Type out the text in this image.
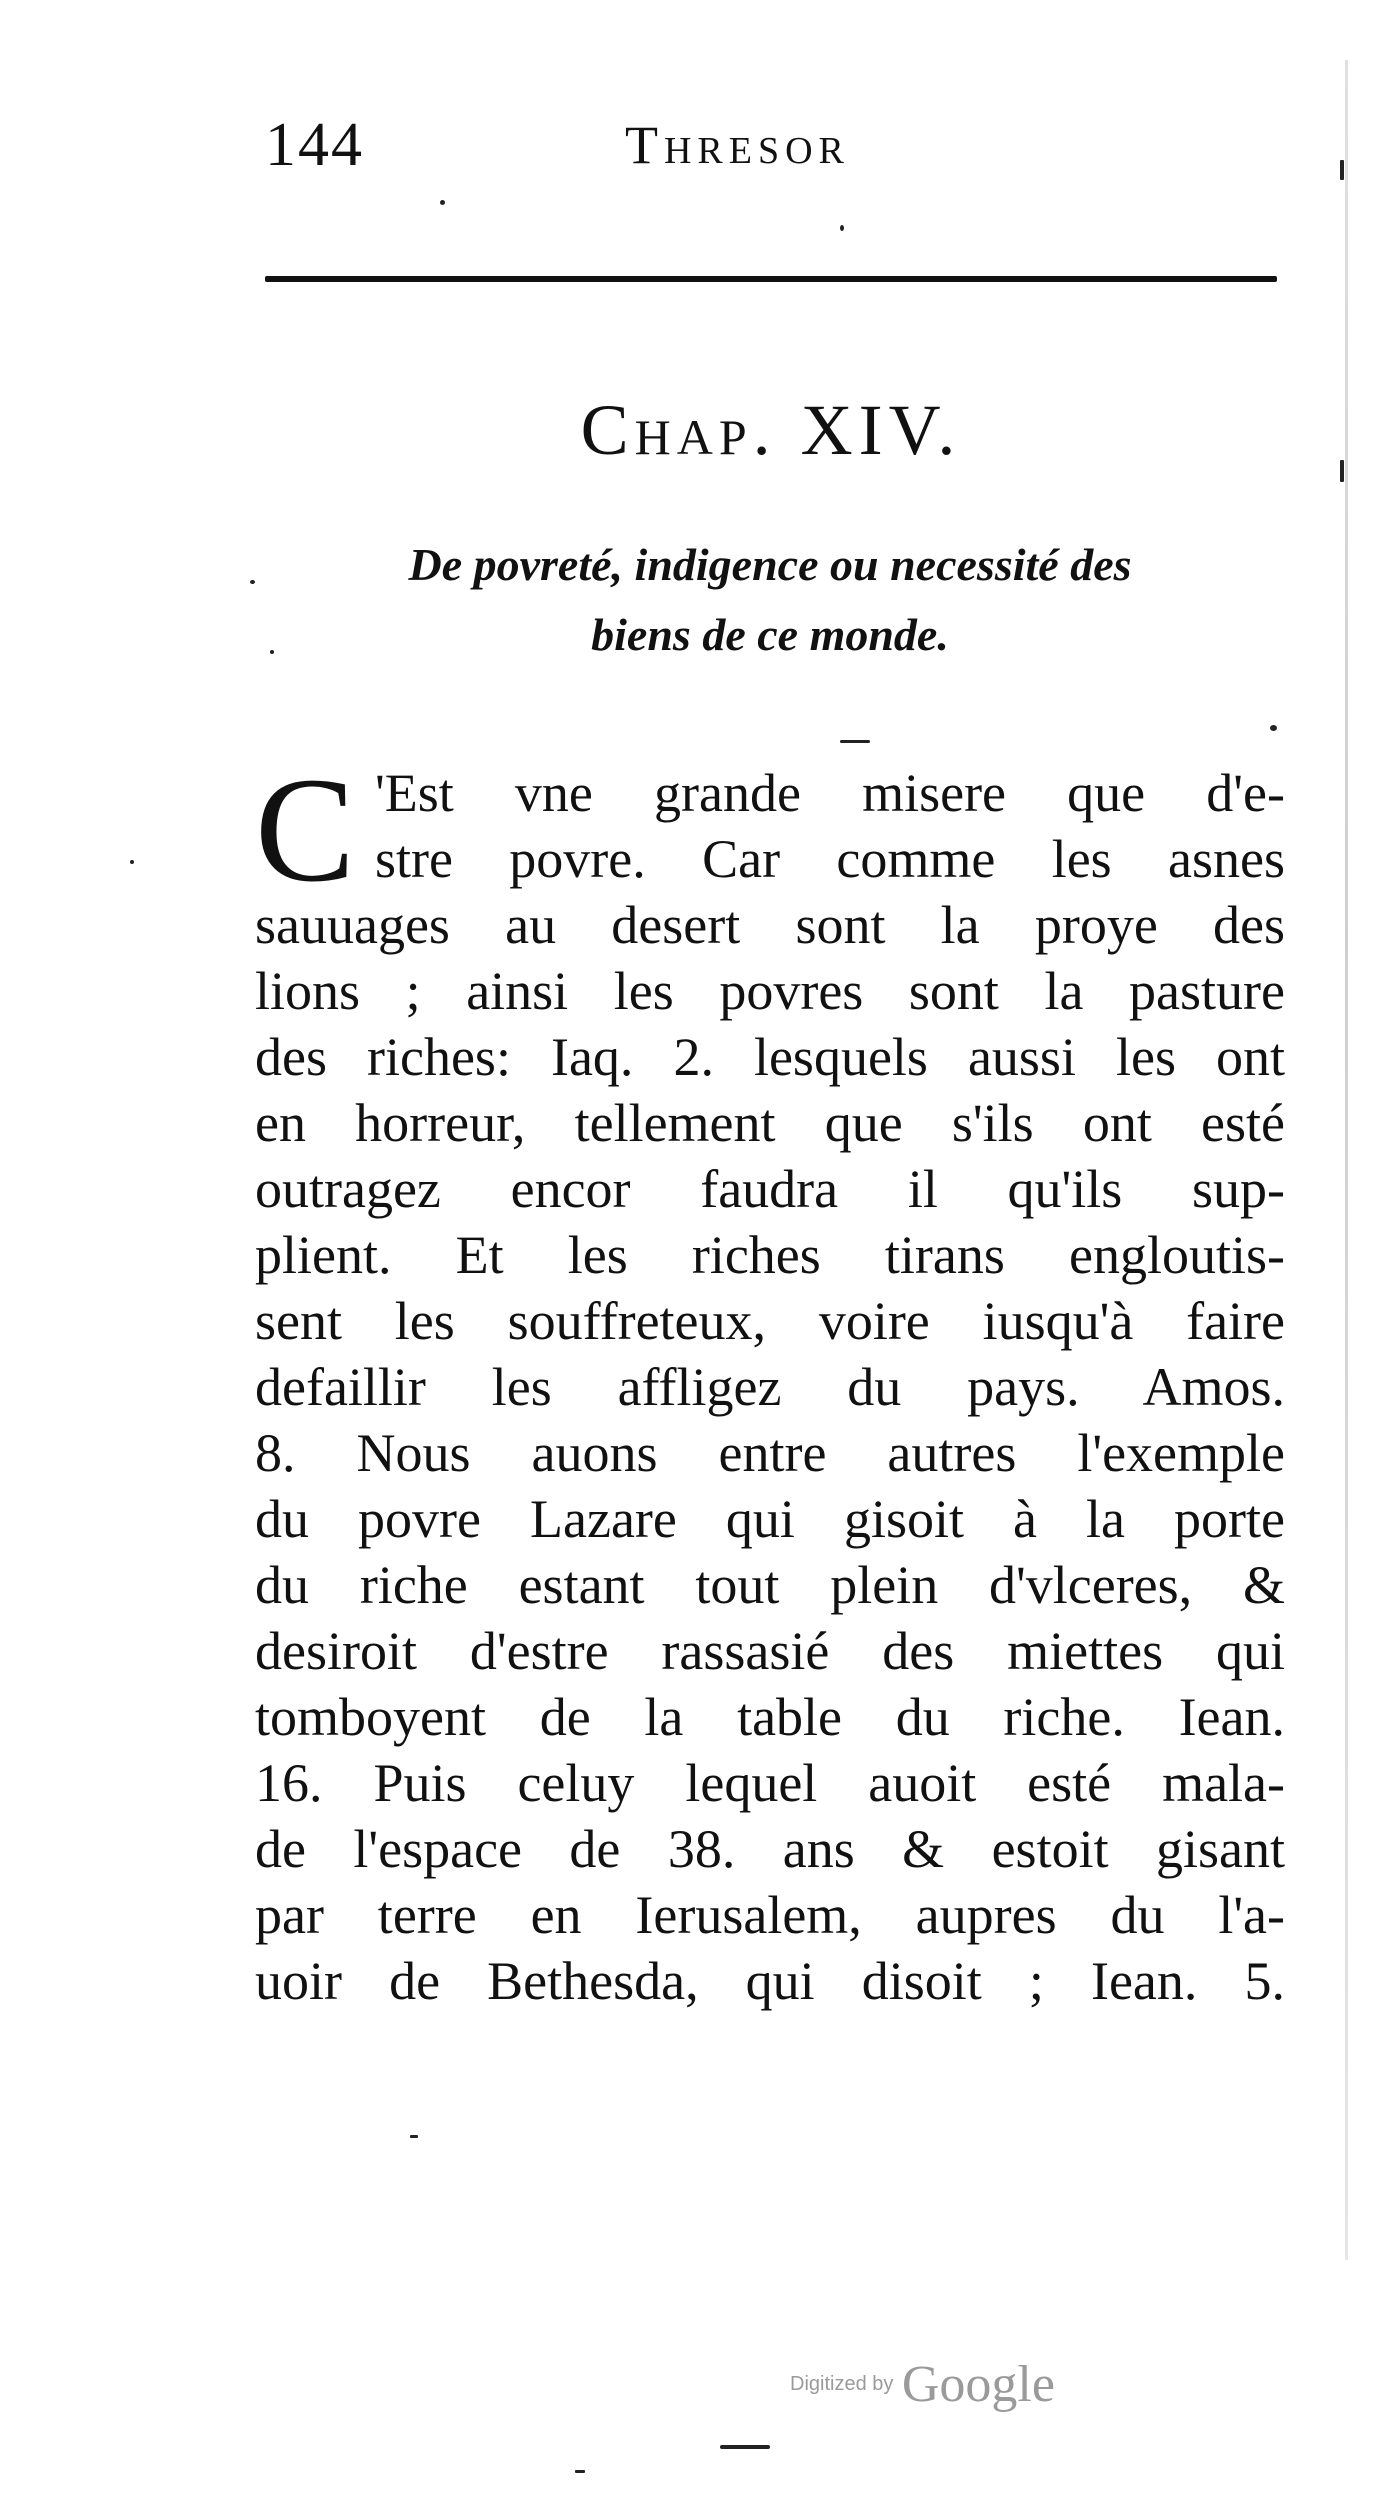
144	Thresor
Chap. XIV.
De povreté, indigence ou necessité des
biens de ce monde.
C 'Est vne grande misere que d'e-
stre povre. Car comme les asnes
sauuages au desert sont la proye des
lions ; ainsi les povres sont la pasture
des riches: Iaq. 2. lesquels aussi les ont
en horreur, tellement que s'ils ont esté
outragez encor faudra il qu'ils sup-
plient. Et les riches tirans engloutis-
sent les souffreteux, voire iusqu'à faire
defaillir les affligez du pays. Amos.
8. Nous auons entre autres l'exemple
du povre Lazare qui gisoit à la porte
du riche estant tout plein d'vlceres, &
desiroit d'estre rassasié des miettes qui
tomboyent de la table du riche. Iean.
16. Puis celuy lequel auoit esté mala-
de l'espace de 38. ans & estoit gisant
par terre en Ierusalem, aupres du l'a-
uoir de Bethesda, qui disoit ; Iean. 5.
Digitized by Google
